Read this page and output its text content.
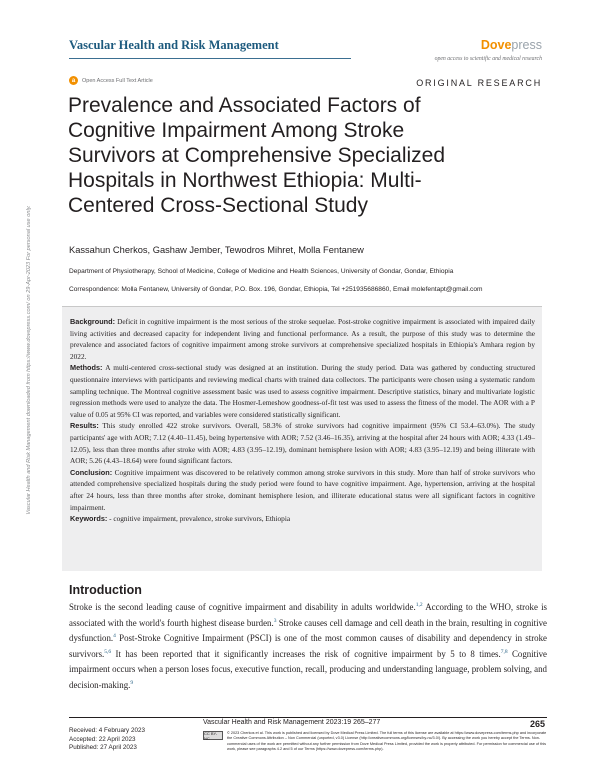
Vascular Health and Risk Management	Dovepress
open access to scientific and medical research
a	Open Access Full Text Article	ORIGINAL RESEARCH
Prevalence and Associated Factors of Cognitive Impairment Among Stroke Survivors at Comprehensive Specialized Hospitals in Northwest Ethiopia: Multi-Centered Cross-Sectional Study
Kassahun Cherkos, Gashaw Jember, Tewodros Mihret, Molla Fentanew
Department of Physiotherapy, School of Medicine, College of Medicine and Health Sciences, University of Gondar, Gondar, Ethiopia
Correspondence: Molla Fentanew, University of Gondar, P.O. Box. 196, Gondar, Ethiopia, Tel +251935686860, Email molefentapt@gmail.com

Background: Deficit in cognitive impairment is the most serious of the stroke sequelae. Post-stroke cognitive impairment is associated with impaired daily living activities and decreased capacity for independent living and functional performance. As a result, the purpose of this study was to determine the prevalence and associated factors of cognitive impairment among stroke survivors at comprehensive specialized hospitals in Ethiopia's Amhara region by 2022.

Methods: A multi-centered cross-sectional study was designed at an institution. During the study period. Data was gathered by conducting structured questionnaire interviews with participants and reviewing medical charts with trained data collectors. The participants were chosen using a systematic random sampling technique. The Montreal cognitive assessment basic was used to assess cognitive impairment. Descriptive statistics, binary and multivariate logistic regression methods were used to analyze the data. The Hosmer-Lemeshow goodness-of-fit test was used to assess the fitness of the model. The AOR with a P value of 0.05 at 95% CI was reported, and variables were considered statistically significant.

Results: This study enrolled 422 stroke survivors. Overall, 58.3% of stroke survivors had cognitive impairment (95% CI 53.4–63.0%). The study participants' age with AOR; 7.12 (4.40–11.45), being hypertensive with AOR; 7.52 (3.46–16.35), arriving at the hospital after 24 hours with AOR; 4.33 (1.49–12.05), less than three months after stroke with AOR; 4.83 (3.95–12.19), dominant hemisphere lesion with AOR; 4.83 (3.95–12.19) and being illiterate with AOR; 5.26 (4.43–18.64) were found significant factors.

Conclusion: Cognitive impairment was discovered to be relatively common among stroke survivors in this study. More than half of stroke survivors who attended comprehensive specialized hospitals during the study period were found to have cognitive impairment. Age, hypertension, arriving at the hospital after 24 hours, less than three months after stroke, dominant hemisphere lesion, and illiterate educational status were all significant factors in cognitive impairment.

Keywords: - cognitive impairment, prevalence, stroke survivors, Ethiopia

Introduction
Stroke is the second leading cause of cognitive impairment and disability in adults worldwide.$^{1,2}$ According to the WHO, stroke is associated with the world's fourth highest disease burden.$^3$ Stroke causes cell damage and cell death in the brain, resulting in cognitive dysfunction.$^4$ Post-Stroke Cognitive Impairment (PSCI) is one of the most common causes of disability and dependency in stroke survivors.$^{5,6}$ It has been reported that it significantly increases the risk of cognitive impairment by 5 to 8 times.$^{7,8}$ Cognitive impairment occurs when a person loses focus, executive function, recall, producing and understanding language, problem solving, and decision-making.$^9$
Received: 4 February 2023
Accepted: 22 April 2023
Published: 27 April 2023
Vascular Health and Risk Management 2023:19 265–277	265
CC BY-NC
© 2023 Cherkos et al. This work is published and licensed by Dove Medical Press Limited. The full terms of this license are available at https://www.dovepress.com/terms.php and incorporate the Creative Commons Attribution – Non Commercial (unported, v3.0) License (http://creativecommons.org/licenses/by-nc/3.0/). By accessing the work you hereby accept the Terms. Non-commercial uses of the work are permitted without any further permission from Dove Medical Press Limited, provided the work is properly attributed. For permission for commercial use of this work, please see paragraphs 4.2 and 5 of our Terms (https://www.dovepress.com/terms.php).
Vascular Health and Risk Management downloaded from https://www.dovepress.com/ on 29-Apr-2023 For personal use only.
